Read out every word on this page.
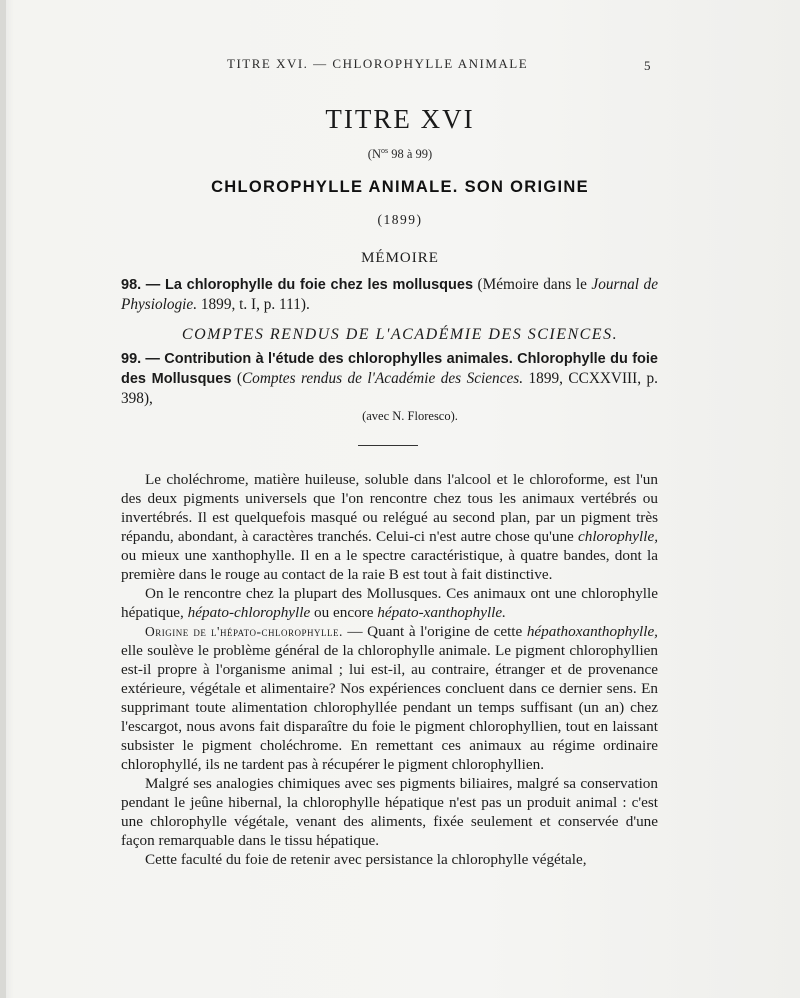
TITRE XVI. — CHLOROPHYLLE ANIMALE	5
TITRE XVI
($N^{os}$ 98 à 99)
CHLOROPHYLLE ANIMALE. SON ORIGINE
(1899)
MÉMOIRE
98. — La chlorophylle du foie chez les mollusques (Mémoire dans le Journal de Physiologie. 1899, t. I, p. 111).
COMPTES RENDUS DE L'ACADÉMIE DES SCIENCES.
99. — Contribution à l'étude des chlorophylles animales. Chlorophylle du foie des Mollusques (Comptes rendus de l'Académie des Sciences. 1899, CCXXVIII, p. 398),
(avec N. Floresco).

Le choléchrome, matière huileuse, soluble dans l'alcool et le chloroforme, est l'un des deux pigments universels que l'on rencontre chez tous les animaux vertébrés ou invertébrés. Il est quelquefois masqué ou relégué au second plan, par un pigment très répandu, abondant, à caractères tranchés. Celui-ci n'est autre chose qu'une chlorophylle, ou mieux une xanthophylle. Il en a le spectre caractéristique, à quatre bandes, dont la première dans le rouge au contact de la raie B est tout à fait distinctive.

On le rencontre chez la plupart des Mollusques. Ces animaux ont une chlorophylle hépatique, hépato-chlorophylle ou encore hépato-xanthophylle.

Origine de l'hépato-chlorophylle. — Quant à l'origine de cette hépathoxanthophylle, elle soulève le problème général de la chlorophylle animale. Le pigment chlorophyllien est-il propre à l'organisme animal ; lui est-il, au contraire, étranger et de provenance extérieure, végétale et alimentaire? Nos expériences concluent dans ce dernier sens. En supprimant toute alimentation chlorophyllée pendant un temps suffisant (un an) chez l'escargot, nous avons fait disparaître du foie le pigment chlorophyllien, tout en laissant subsister le pigment choléchrome. En remettant ces animaux au régime ordinaire chlorophyllé, ils ne tardent pas à récupérer le pigment chlorophyllien.

Malgré ses analogies chimiques avec ses pigments biliaires, malgré sa conservation pendant le jeûne hibernal, la chlorophylle hépatique n'est pas un produit animal : c'est une chlorophylle végétale, venant des aliments, fixée seulement et conservée d'une façon remarquable dans le tissu hépatique.

Cette faculté du foie de retenir avec persistance la chlorophylle végétale,
